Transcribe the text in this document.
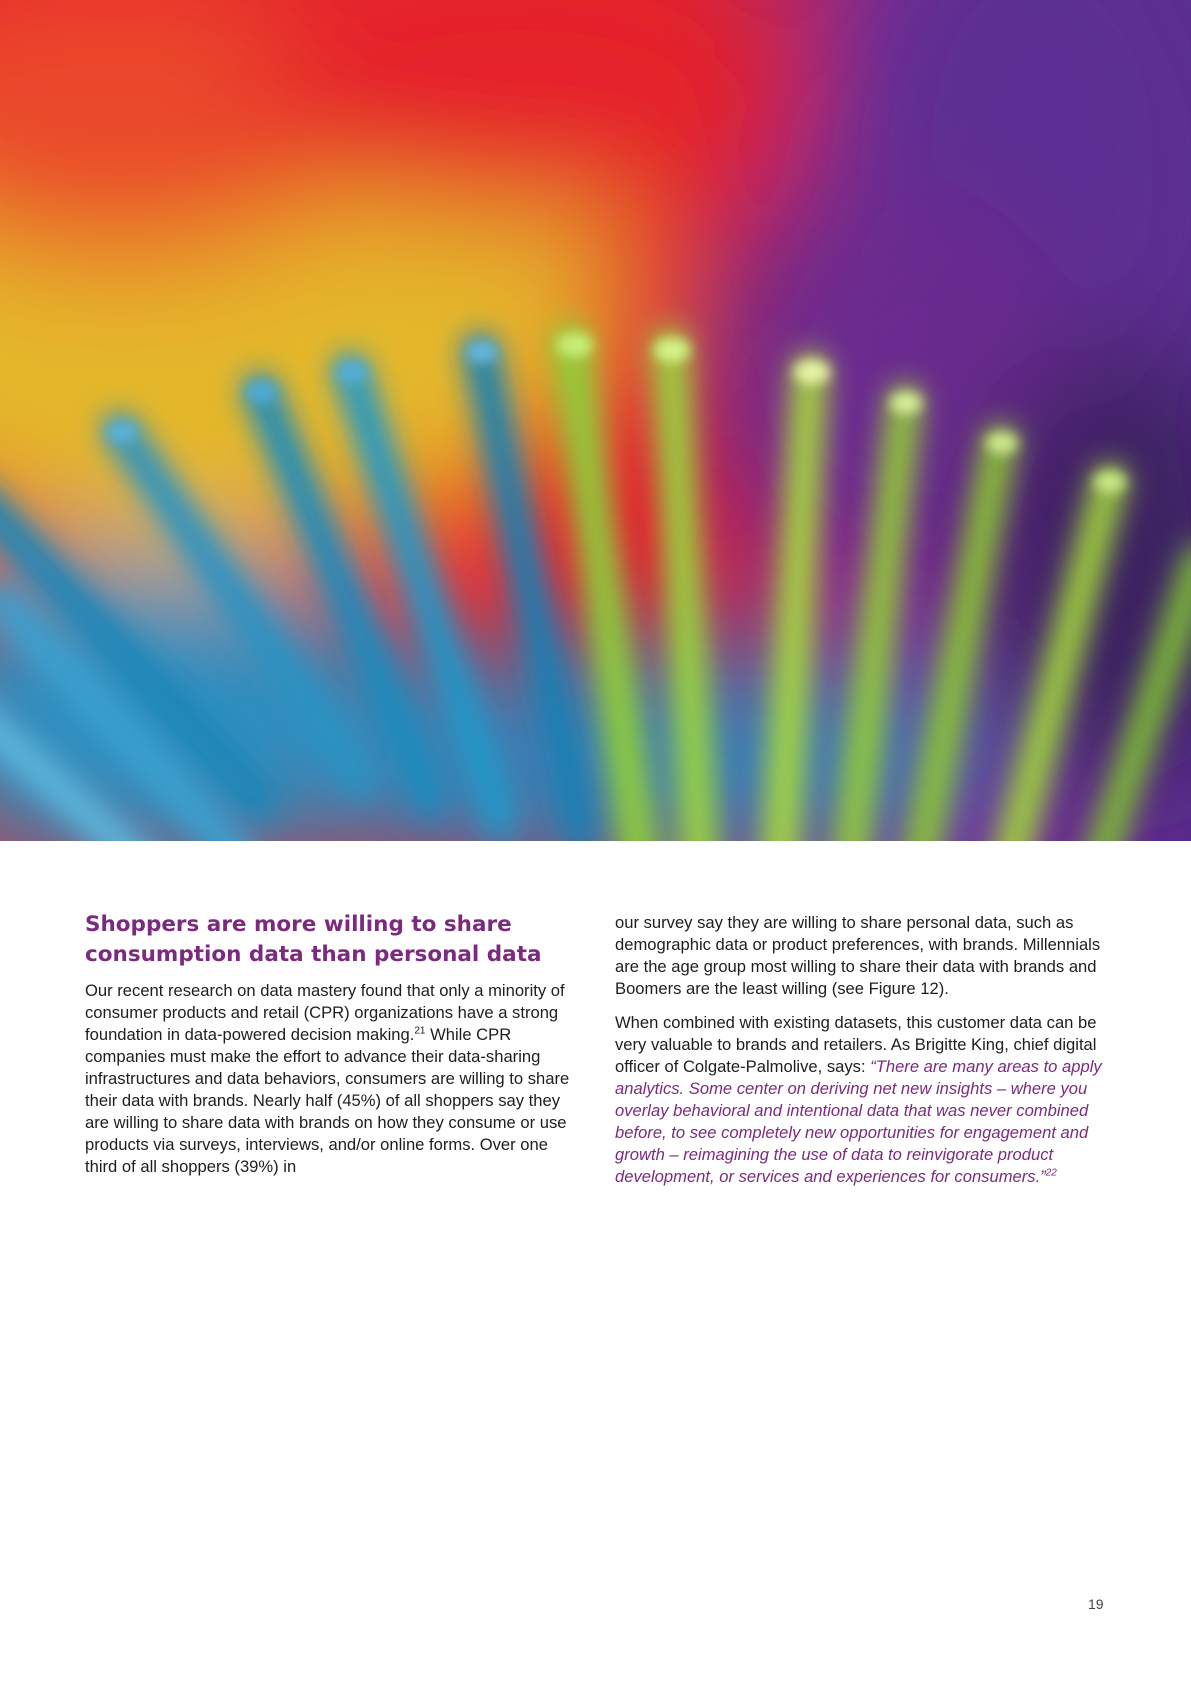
Shoppers are more willing to share
consumption data than personal data

Our recent research on data mastery found that only a minority of consumer products and retail (CPR) organizations have a strong foundation in data-powered decision making.$^{21}$ While CPR companies must make the effort to advance their data-sharing infrastructures and data behaviors, consumers are willing to share their data with brands. Nearly half (45%) of all shoppers say they are willing to share data with brands on how they consume or use products via surveys, interviews, and/or online forms. Over one third of all shoppers (39%) in

our survey say they are willing to share personal data, such as demographic data or product preferences, with brands. Millennials are the age group most willing to share their data with brands and Boomers are the least willing (see Figure 12).

When combined with existing datasets, this customer data can be very valuable to brands and retailers. As Brigitte King, chief digital officer of Colgate-Palmolive, says: “There are many areas to apply analytics. Some center on deriving net new insights – where you overlay behavioral and intentional data that was never combined before, to see completely new opportunities for engagement and growth – reimagining the use of data to reinvigorate product development, or services and experiences for consumers.”$^{22}$

19
